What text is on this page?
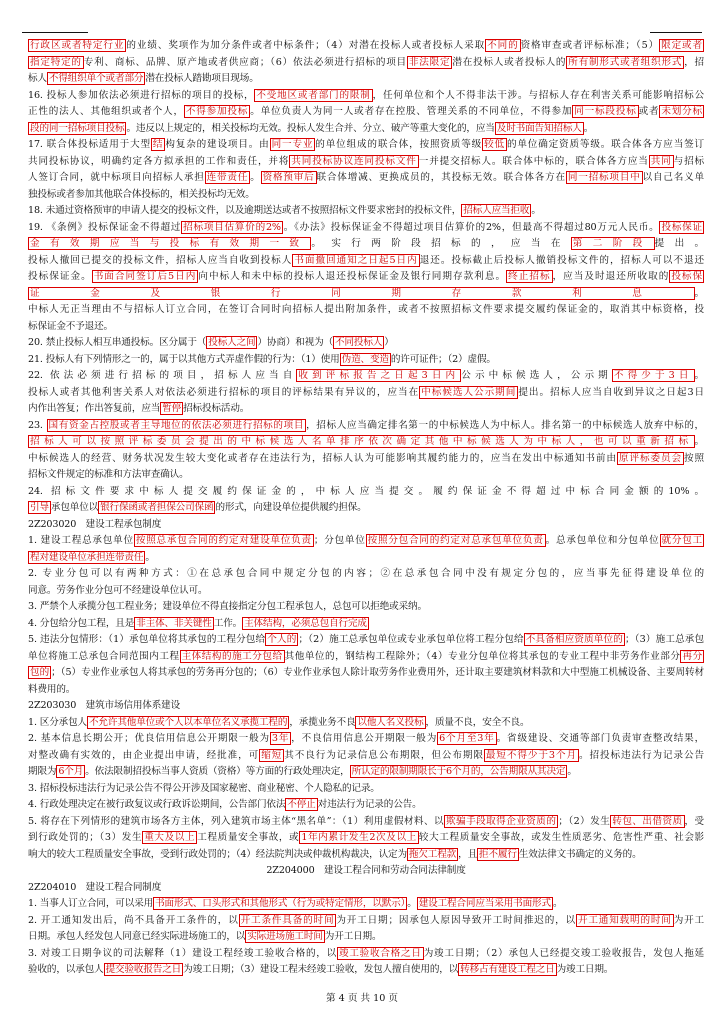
行政区或者特定行业 的业绩、奖项作为加分条件或者中标条件；（4）对潜在投标人或者投标人采取 不同的 资格审查或者评标标准；（5） 限定或者

指定特定的 专利、商标、品牌、原产地或者供应商；（6）依法必须进行招标的项目 非法限定 潜在投标人或者投标人的 所有制形式或者组织形式 ，招

标人 不得组织单个或者部分 潜在投标人踏勘项目现场。

16. 投标人参加依法必须进行招标的项目的投标， 不受地区或者部门的限制 ，任何单位和个人不得非法干涉。与招标人存在利害关系可能影响招标公

正性的法人、其他组织或者个人， 不得参加投标 。单位负责人为同一人或者存在控股、管理关系的不同单位，不得参加 同一标段投标 或者 未划分标

段的同一招标项目投标 。违反以上规定的，相关投标均无效。投标人发生合并、分立、破产等重大变化的，应当 及时书面告知招标人 。

17. 联合体投标适用于大型 结 构复杂的建设项目。由 同一专业 的单位组成的联合体，按照资质等级 较低 的单位确定资质等级。联合体各方应当签订

共同投标协议，明确约定各方拟承担的工作和责任，并将 共同投标协议连同投标文件 一并提交招标人。联合体中标的，联合体各方应当 共同 与招标

人签订合同，就中标项目向招标人承担 连带责任 。 资格预审后 联合体增减、更换成员的，其投标无效。联合体各方在 同一招标项目中 以自己名义单

独投标或者参加其他联合体投标的，相关投标均无效。

18. 未通过资格预审的申请人提交的投标文件，以及逾期送达或者不按照招标文件要求密封的投标文件， 招标人应当拒收 。

19. 《条例》投标保证金不得超过 招标项目估算价的2% 。《办法》投标保证金不得超过项目估算价的2%，但最高不得超过80万元人民币。 投标保证

金有效期应当与投标有效期一致 。实行两阶段招标的，应当在 第二阶段 提出。

投标人撤回已提交的投标文件，招标人应当自收到投标人 书面撤回通知之日起5日内 退还。投标截止后投标人撤销投标文件的，招标人可以不退还

投标保证金。 书面合同签订后5日内 向中标人和未中标的投标人退还投标保证金及银行同期存款利息。 终止招标 ，应当及时退还所收取的 投标保

证金及银行同期存款利息 。

中标人无正当理由不与招标人订立合同，在签订合同时向招标人提出附加条件，或者不按照招标文件要求提交履约保证金的，取消其中标资格，投

标保证金不予退还。

20. 禁止投标人相互串通投标。区分属于（ 投标人之间 ）协商）和视为（ 不同投标人 ）

21. 投标人有下列情形之一的，属于以其他方式弄虚作假的行为：（1）使用 伪造、变造 的许可证件；（2）虚假。

22. 依法必须进行招标的项目，招标人应当自 收到评标报告之日起3日内 公示中标候选人，公示期 不得少于3日 。

投标人或者其他利害关系人对依法必须进行招标的项目的评标结果有异议的，应当在 中标候选人公示期间 提出。招标人应当自收到异议之日起3日

内作出答复；作出答复前，应当 暂停 招标投标活动。

23. 国有资金占控股或者主导地位的依法必须进行招标的项目 ，招标人应当确定排名第一的中标候选人为中标人。排名第一的中标候选人放弃中标的，

招标人可以按照评标委员会提出的中标候选人名单排序依次确定其他中标候选人为中标人，也可以重新招标 。

中标候选人的经营、财务状况发生较大变化或者存在违法行为，招标人认为可能影响其履约能力的，应当在发出中标通知书前由 原评标委员会 按照

招标文件规定的标准和方法审查确认。

24. 招标文件要求中标人提交履约保证金的，中标人应当提交。履约保证金不得超过中标合同金额的10%。

引导 承包单位以 银行保函或者担保公司保函 的形式，向建设单位提供履约担保。

2Z203020　建设工程承包制度

1. 建设工程总承包单位 按照总承包合同的约定对建设单位负责 ；分包单位 按照分包合同的约定对总承包单位负责 。总承包单位和分包单位 就分包工

程对建设单位承担连带责任 。

2. 专业分包可以有两种方式：①在总承包合同中规定分包的内容；②在总承包合同中没有规定分包的，应当事先征得建设单位的

同意。劳务作业分包可不经建设单位认可。

3. 严禁个人承揽分包工程业务；建设单位不得直接指定分包工程承包人，总包可以拒绝或采纳。

4. 分包给分包工程，且是 非主体、非关键性 工作。 主体结构，必须总包自行完成

5. 违法分包情形：（1）承包单位将其承包的工程分包给 个人的 ；（2）施工总承包单位或专业承包单位将工程分包给 不具备相应资质单位的 ；（3）施工总承包

单位将施工总承包合同范围内工程 主体结构的施工分包给 其他单位的，钢结构工程除外；（4）专业分包单位将其承包的专业工程中非劳务作业部分 再分

包的 ；（5）专业作业承包人将其承包的劳务再分包的；（6）专业作业承包人除计取劳务作业费用外，还计取主要建筑材料款和大中型施工机械设备、主要周转材料费用的。

2Z203030　建筑市场信用体系建设

1. 区分承包人 不允许其他单位或个人以本单位名义承揽工程的 ，承揽业务不良 以他人名义投标 ，质量不良，安全不良。

2. 基本信息长期公开；优良信用信息公开期限一般为 3年 ，不良信用信息公开期限一般为 6个月至3年 。省级建设、交通等部门负责审查整改结果，

对整改确有实效的，由企业提出申请，经批准，可 缩短 其不良行为记录信息公布期限，但公布期限 最短不得少于3个月 。招投标违法行为记录公告

期限为 6个月 。依法限制招投标当事人资质（资格）等方面的行政处理决定， 所认定的限制期限长于6个月的，公告期限从其决定 。

3. 招标投标违法行为记录公告不得公开涉及国家秘密、商业秘密、个人隐私的记录。

4. 行政处理决定在被行政复议或行政诉讼期间，公告部门依法 不停止 对违法行为记录的公告。

5. 将存在下列情形的建筑市场各方主体，列入建筑市场主体“黑名单”：（1）利用虚假材料、以 欺骗手段取得企业资质的 ；（2）发生 转包、出借资质 ，受

到行政处罚的；（3）发生 重大及以上 工程质量安全事故，或 1年内累计发生2次及以上 较大工程质量安全事故，或发生性质恶劣、危害性严重、社会影

响大的较大工程质量安全事故，受到行政处罚的；（4）经法院判决或仲裁机构裁决，认定为 拖欠工程款 ，且 拒不履行 生效法律文书确定的义务的。

2Z204000　建设工程合同和劳动合同法律制度

2Z204010　建设工程合同制度

1. 当事人订立合同，可以采用 书面形式、口头形式和其他形式（行为或特定情形，以默示） 。 建设工程合同应当采用书面形式 。

2. 开工通知发出后，尚不具备开工条件的，以 开工条件具备的时间 为开工日期；因承包人原因导致开工时间推迟的，以 开工通知载明的时间 为开工

日期。承包人经发包人同意已经实际进场施工的，以 实际进场施工时间 为开工日期。

3. 对竣工日期争议的司法解释（1）建设工程经竣工验收合格的，以 竣工验收合格之日 为竣工日期；（2）承包人已经提交竣工验收报告，发包人拖延

验收的，以承包人 提交验收报告之日 为竣工日期；（3）建设工程未经竣工验收，发包人擅自使用的，以 转移占有建设工程之日 为竣工日期。

第 4 页 共 10 页
